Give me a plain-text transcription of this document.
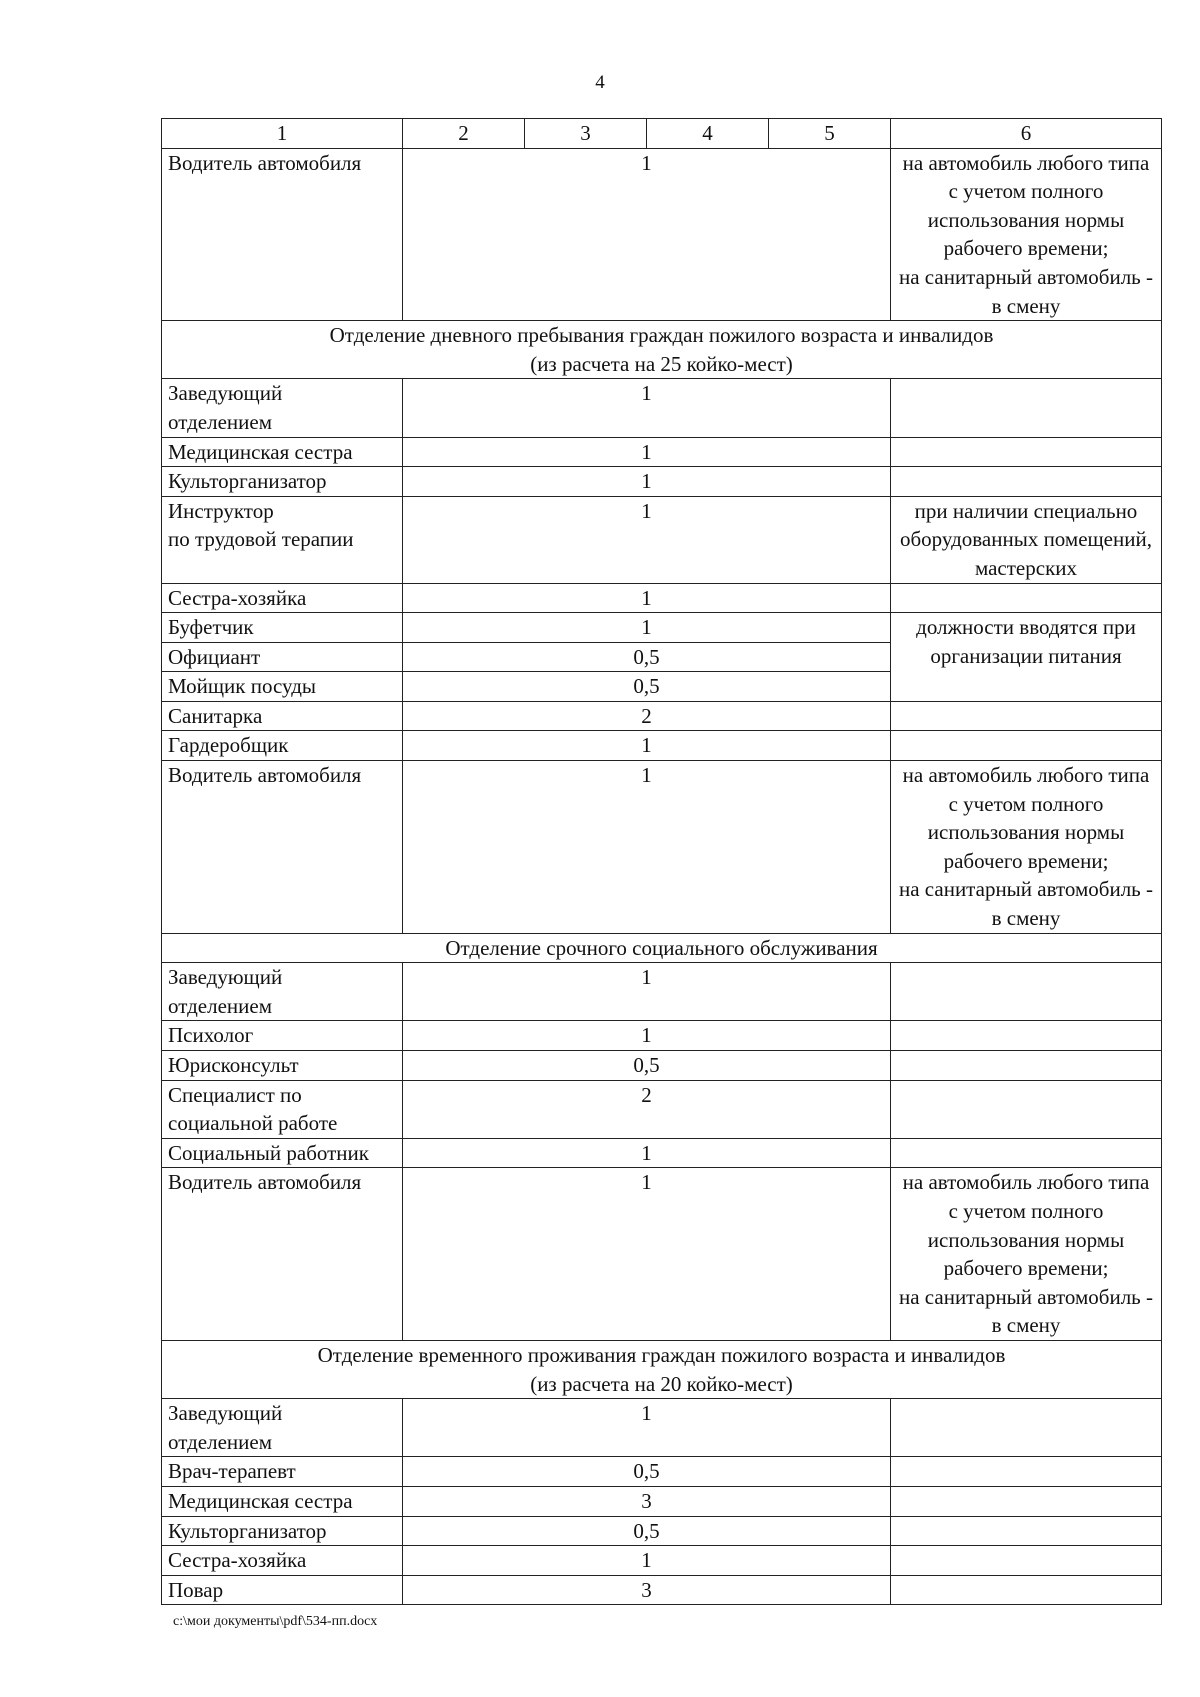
4
1	2	3	4	5	6
Водитель автомобиля	1				на автомобиль любого типа с учетом полного использования нормы рабочего времени;
на санитарный автомобиль - в смену
Отделение дневного пребывания граждан пожилого возраста и инвалидов
(из расчета на 25 койко-мест)					
Заведующий
отделением	1				
Медицинская сестра	1				
Культорганизатор	1				
Инструктор
по трудовой терапии	1				при наличии специально оборудованных помещений, мастерских
Сестра-хозяйка	1				
Буфетчик	1				должности вводятся при организации питания
Официант	0,5				
Мойщик посуды	0,5				
Санитарка	2				
Гардеробщик	1				
Водитель автомобиля	1				на автомобиль любого типа с учетом полного использования нормы рабочего времени;
на санитарный автомобиль - в смену
Отделение срочного социального обслуживания					
Заведующий
отделением	1				
Психолог	1				
Юрисконсульт	0,5				
Специалист по
социальной работе	2				
Социальный работник	1				
Водитель автомобиля	1				на автомобиль любого типа с учетом полного использования нормы рабочего времени;
на санитарный автомобиль - в смену
Отделение временного проживания граждан пожилого возраста и инвалидов
(из расчета на 20 койко-мест)					
Заведующий
отделением	1				
Врач-терапевт	0,5				
Медицинская сестра	3				
Культорганизатор	0,5				
Сестра-хозяйка	1				
Повар	3				
c:\мои документы\pdf\534-пп.docx
